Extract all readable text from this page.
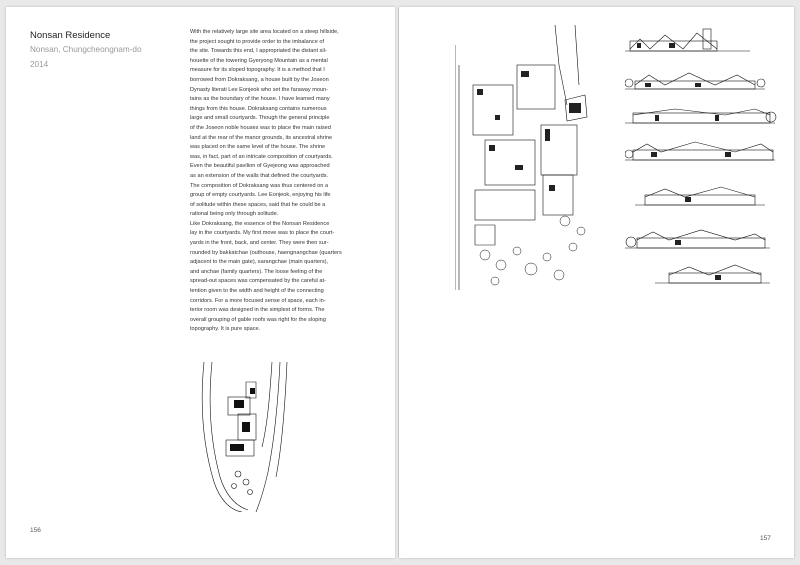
Nonsan Residence
Nonsan, Chungcheongnam-do
2014

With the relatively large site area located on a steep hillside,
the project sought to provide order to the imbalance of
the site. Towards this end, I appropriated the distant sil-
houette of the towering Gyeryong Mountain as a mental
measure for its sloped topography. It is a method that I
borrowed from Dokraksang, a house built by the Joseon
Dynasty literati Lee Eonjeok who set the faraway moun-
tains as the boundary of the house. I have learned many
things from this house. Dokraksang contains numerous
large and small courtyards. Though the general principle
of the Joseon noble houses was to place the main raised
land at the rear of the manor grounds, its ancestral shrine
was placed on the same level of the house. The shrine
was, in fact, part of an intricate composition of courtyards.
Even the beautiful pavilion of Gyejeong was approached
as an extension of the walls that defined the courtyards.
The composition of Dokraksang was thus centered on a
group of empty courtyards. Lee Eonjeok, enjoying his life
of solitude within these spaces, said that he could be a
rational being only through solitude.
Like Dokraksang, the essence of the Nonsan Residence
lay in the courtyards. My first move was to place the court-
yards in the front, back, and center. They were then sur-
rounded by bakkatchae (outhouse, haengnangchae (quarters
adjacent to the main gate), sarangchae (main quarters),
and anchae (family quarters). The loose feeling of the
spread-out spaces was compensated by the careful at-
tention given to the width and height of the connecting
corridors. For a more focused sense of space, each in-
terior room was designed in the simplest of forms. The
overall grouping of gable roofs was right for the sloping
topography. It is pure space.

156
157
